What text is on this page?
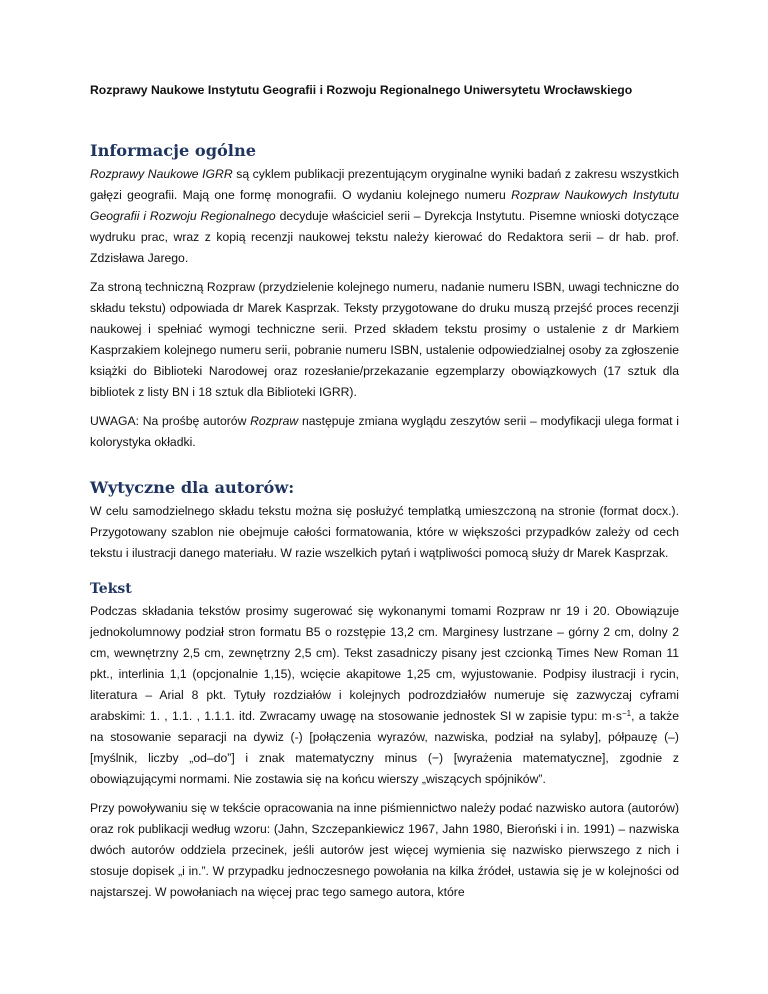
Rozprawy Naukowe Instytutu Geografii i Rozwoju Regionalnego Uniwersytetu Wrocławskiego
Informacje ogólne

Rozprawy Naukowe IGRR są cyklem publikacji prezentującym oryginalne wyniki badań z zakresu wszystkich gałęzi geografii. Mają one formę monografii. O wydaniu kolejnego numeru Rozpraw Naukowych Instytutu Geografii i Rozwoju Regionalnego decyduje właściciel serii – Dyrekcja Instytutu. Pisemne wnioski dotyczące wydruku prac, wraz z kopią recenzji naukowej tekstu należy kierować do Redaktora serii – dr hab. prof. Zdzisława Jarego.

Za stroną techniczną Rozpraw (przydzielenie kolejnego numeru, nadanie numeru ISBN, uwagi techniczne do składu tekstu) odpowiada dr Marek Kasprzak. Teksty przygotowane do druku muszą przejść proces recenzji naukowej i spełniać wymogi techniczne serii. Przed składem tekstu prosimy o ustalenie z dr Markiem Kasprzakiem kolejnego numeru serii, pobranie numeru ISBN, ustalenie odpowiedzialnej osoby za zgłoszenie książki do Biblioteki Narodowej oraz rozesłanie/przekazanie egzemplarzy obowiązkowych (17 sztuk dla bibliotek z listy BN i 18 sztuk dla Biblioteki IGRR).

UWAGA: Na prośbę autorów Rozpraw następuje zmiana wyglądu zeszytów serii – modyfikacji ulega format i kolorystyka okładki.

Wytyczne dla autorów:

W celu samodzielnego składu tekstu można się posłużyć templatką umieszczoną na stronie (format docx.). Przygotowany szablon nie obejmuje całości formatowania, które w większości przypadków zależy od cech tekstu i ilustracji danego materiału. W razie wszelkich pytań i wątpliwości pomocą służy dr Marek Kasprzak.

Tekst

Podczas składania tekstów prosimy sugerować się wykonanymi tomami Rozpraw nr 19 i 20. Obowiązuje jednokolumnowy podział stron formatu B5 o rozstępie 13,2 cm. Marginesy lustrzane – górny 2 cm, dolny 2 cm, wewnętrzny 2,5 cm, zewnętrzny 2,5 cm). Tekst zasadniczy pisany jest czcionką Times New Roman 11 pkt., interlinia 1,1 (opcjonalnie 1,15), wcięcie akapitowe 1,25 cm, wyjustowanie. Podpisy ilustracji i rycin, literatura – Arial 8 pkt. Tytuły rozdziałów i kolejnych podrozdziałów numeruje się zazwyczaj cyframi arabskimi: 1. , 1.1. , 1.1.1. itd. Zwracamy uwagę na stosowanie jednostek SI w zapisie typu: $m\cdot s^{-1}$, a także na stosowanie separacji na dywiz (-) [połączenia wyrazów, nazwiska, podział na sylaby], półpauzę (–) [myślnik, liczby „od–do”] i znak matematyczny minus (−) [wyrażenia matematyczne], zgodnie z obowiązującymi normami. Nie zostawia się na końcu wierszy „wiszących spójników”.

Przy powoływaniu się w tekście opracowania na inne piśmiennictwo należy podać nazwisko autora (autorów) oraz rok publikacji według wzoru: (Jahn, Szczepankiewicz 1967, Jahn 1980, Bieroński i in. 1991) – nazwiska dwóch autorów oddziela przecinek, jeśli autorów jest więcej wymienia się nazwisko pierwszego z nich i stosuje dopisek „i in.”. W przypadku jednoczesnego powołania na kilka źródeł, ustawia się je w kolejności od najstarszej. W powołaniach na więcej prac tego samego autora, które
